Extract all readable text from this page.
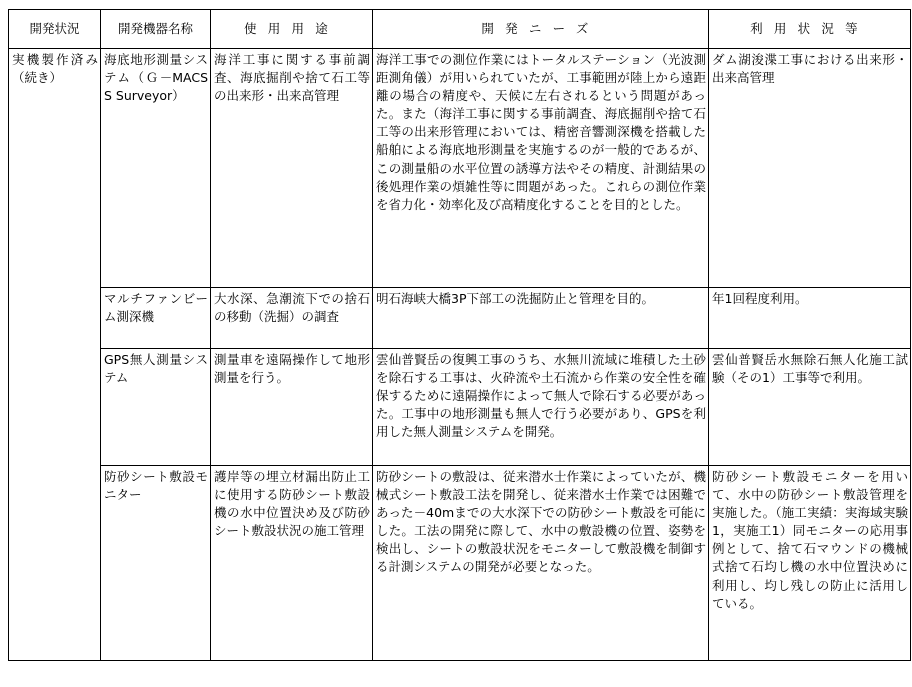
開発状況	開発機器名称	使用用途	開発ニーズ	利用状況等
実機製作済み（続き）	海底地形測量システム（Ｇ－MACSS Surveyor）	海洋工事に関する事前調査、海底掘削や捨て石工等の出来形・出来高管理	海洋工事での測位作業にはトータルステーション（光波測距測角儀）が用いられていたが、工事範囲が陸上から遠距離の場合の精度や、天候に左右されるという問題があった。また（海洋工事に関する事前調査、海底掘削や捨て石工等の出来形管理においては、精密音響測深機を搭載した船舶による海底地形測量を実施するのが一般的であるが、この測量船の水平位置の誘導方法やその精度、計測結果の後処理作業の煩雑性等に問題があった。これらの測位作業を省力化・効率化及び高精度化することを目的とした。	ダム湖浚渫工事における出来形・出来高管理
	マルチファンビーム測深機	大水深、急潮流下での捨石の移動（洗掘）の調査	明石海峡大橋3P下部工の洗掘防止と管理を目的。	年1回程度利用。
	GPS無人測量システム	測量車を遠隔操作して地形測量を行う。	雲仙普賢岳の復興工事のうち、水無川流域に堆積した土砂を除石する工事は、火砕流や土石流から作業の安全性を確保するために遠隔操作によって無人で除石する必要があった。工事中の地形測量も無人で行う必要があり、GPSを利用した無人測量システムを開発。	雲仙普賢岳水無除石無人化施工試験（その1）工事等で利用。
	防砂シート敷設モニター	護岸等の埋立材漏出防止工に使用する防砂シート敷設機の水中位置決め及び防砂シート敷設状況の施工管理	防砂シートの敷設は、従来潜水士作業によっていたが、機械式シート敷設工法を開発し、従来潜水士作業では困難であった－40mまでの大水深下での防砂シート敷設を可能にした。工法の開発に際して、水中の敷設機の位置、姿勢を検出し、シートの敷設状況をモニターして敷設機を制御する計測システムの開発が必要となった。	防砂シート敷設モニターを用いて、水中の防砂シート敷設管理を実施した。（施工実績：実海域実験1，実施工1）同モニターの応用事例として、捨て石マウンドの機械式捨て石均し機の水中位置決めに利用し、均し残しの防止に活用している。
